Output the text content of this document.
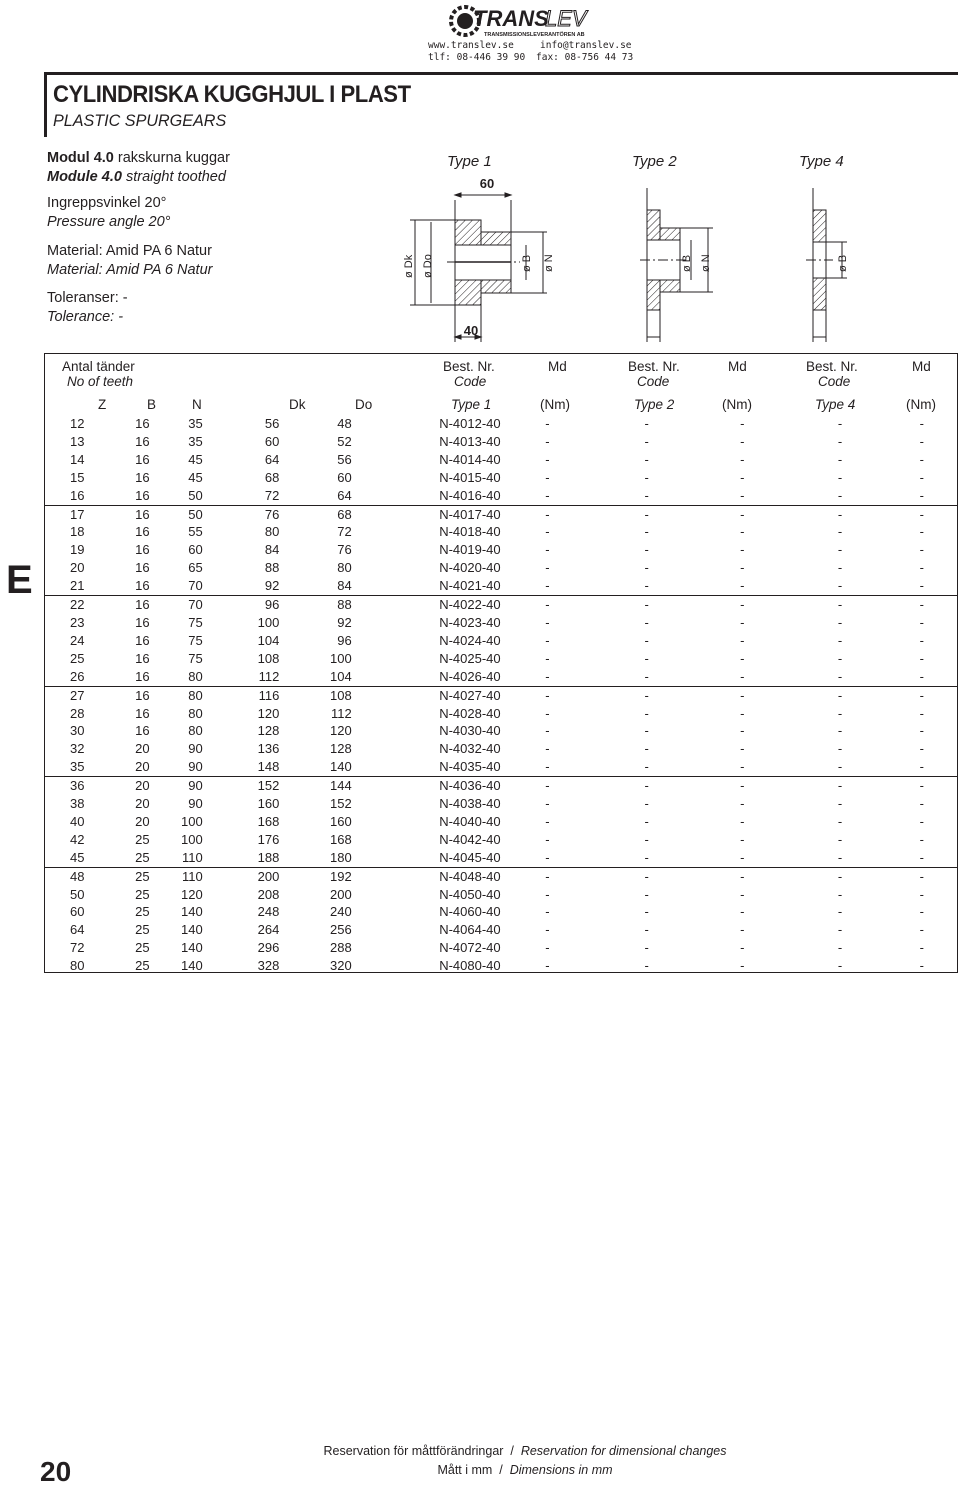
TRANS
LEV
TRANSMISSIONSLEVERANTÖREN AB
www.translev.se
tlf: 08-446 39 90
info@translev.se
fax: 08-756 44 73
CYLINDRISKA KUGGHJUL I PLAST
PLASTIC SPURGEARS
Modul 4.0 rakskurna kuggar
Module 4.0 straight toothed
Ingreppsvinkel 20°
Pressure angle 20°
Material: Amid PA 6 Natur
Material: Amid PA 6 Natur
Toleranser: -
Tolerance: -
Type 1	Type 2	Type 4
60
40
ø Dk ø Do	ø B ø N	ø B ø N	ø B
Antal tänder
No of teeth
Best. Nr.
Code
Md	Best. Nr.
Code
Md	Best. Nr.
Code
Md
Z	B	N	Dk	Do	Type 1	(Nm)	Type 2	(Nm)	Type 4	(Nm)
12	16	35	56	48	N-4012-40	-	-	-	-	-
13	16	35	60	52	N-4013-40	-	-	-	-	-
14	16	45	64	56	N-4014-40	-	-	-	-	-
15	16	45	68	60	N-4015-40	-	-	-	-	-
16	16	50	72	64	N-4016-40	-	-	-	-	-
17	16	50	76	68	N-4017-40	-	-	-	-	-
18	16	55	80	72	N-4018-40	-	-	-	-	-
19	16	60	84	76	N-4019-40	-	-	-	-	-
20	16	65	88	80	N-4020-40	-	-	-	-	-
21	16	70	92	84	N-4021-40	-	-	-	-	-
22	16	70	96	88	N-4022-40	-	-	-	-	-
23	16	75	100	92	N-4023-40	-	-	-	-	-
24	16	75	104	96	N-4024-40	-	-	-	-	-
25	16	75	108	100	N-4025-40	-	-	-	-	-
26	16	80	112	104	N-4026-40	-	-	-	-	-
27	16	80	116	108	N-4027-40	-	-	-	-	-
28	16	80	120	112	N-4028-40	-	-	-	-	-
30	16	80	128	120	N-4030-40	-	-	-	-	-
32	20	90	136	128	N-4032-40	-	-	-	-	-
35	20	90	148	140	N-4035-40	-	-	-	-	-
36	20	90	152	144	N-4036-40	-	-	-	-	-
38	20	90	160	152	N-4038-40	-	-	-	-	-
40	20	100	168	160	N-4040-40	-	-	-	-	-
42	25	100	176	168	N-4042-40	-	-	-	-	-
45	25	110	188	180	N-4045-40	-	-	-	-	-
48	25	110	200	192	N-4048-40	-	-	-	-	-
50	25	120	208	200	N-4050-40	-	-	-	-	-
60	25	140	248	240	N-4060-40	-	-	-	-	-
64	25	140	264	256	N-4064-40	-	-	-	-	-
72	25	140	296	288	N-4072-40	-	-	-	-	-
80	25	140	328	320	N-4080-40	-	-	-	-	-
E
20
Reservation för måttförändringar / Reservation for dimensional changes
Mått i mm / Dimensions in mm
